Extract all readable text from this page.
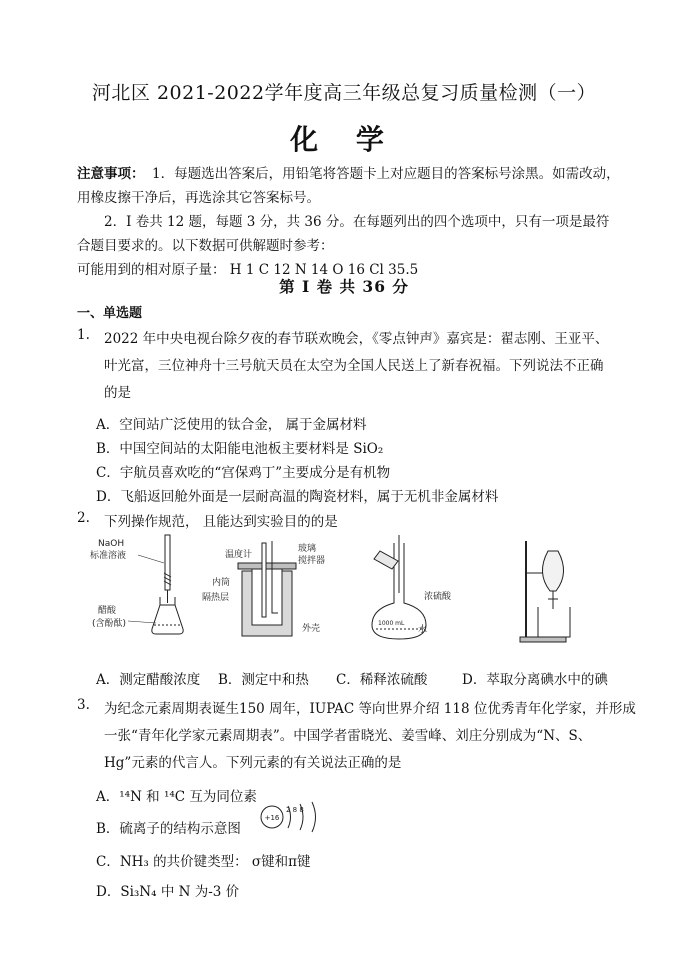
河北区 2021-2022学年度高三年级总复习质量检测（一）
化 学
注意事项： 1．每题选出答案后，用铅笔将答题卡上对应题目的答案标号涂黑。如需改动，
用橡皮擦干净后，再选涂其它答案标号。
2．I 卷共 12 题，每题 3 分，共 36 分。在每题列出的四个选项中，只有一项是最符
合题目要求的。以下数据可供解题时参考：
可能用到的相对原子量： H 1 C 12 N 14 O 16 Cl 35.5
第 I 卷 共 36 分
一、单选题
1. 2022 年中央电视台除夕夜的春节联欢晚会，《零点钟声》嘉宾是：翟志刚、王亚平、
叶光富，三位神舟十三号航天员在太空为全国人民送上了新春祝福。下列说法不正确
的是
A．空间站广泛使用的钛合金， 属于金属材料
B．中国空间站的太阳能电池板主要材料是 SiO₂
C．宇航员喜欢吃的“宫保鸡丁”主要成分是有机物
D．飞船返回舱外面是一层耐高温的陶瓷材料，属于无机非金属材料
2. 下列操作规范， 且能达到实验目的的是
NaOH
标准溶液
醋酸
(含酚酞)
温度计
玻璃
搅拌器
内筒
隔热层
外壳
浓硫酸
1000 mL
水
A．测定醋酸浓度 B．测定中和热 C．稀释浓硫酸	D．萃取分离碘水中的碘
3. 为纪念元素周期表诞生150 周年，IUPAC 等向世界介绍 118 位优秀青年化学家，并形成
一张“青年化学家元素周期表”。中国学者雷晓光、姜雪峰、刘庄分别成为“N、S、
Hg”元素的代言人。下列元素的有关说法正确的是
A．¹⁴N 和 ¹⁴C 互为同位素
B．硫离子的结构示意图
+16
2 8 8
C．NH₃ 的共价键类型： σ键和π键
D．Si₃N₄ 中 N 为-3 价
